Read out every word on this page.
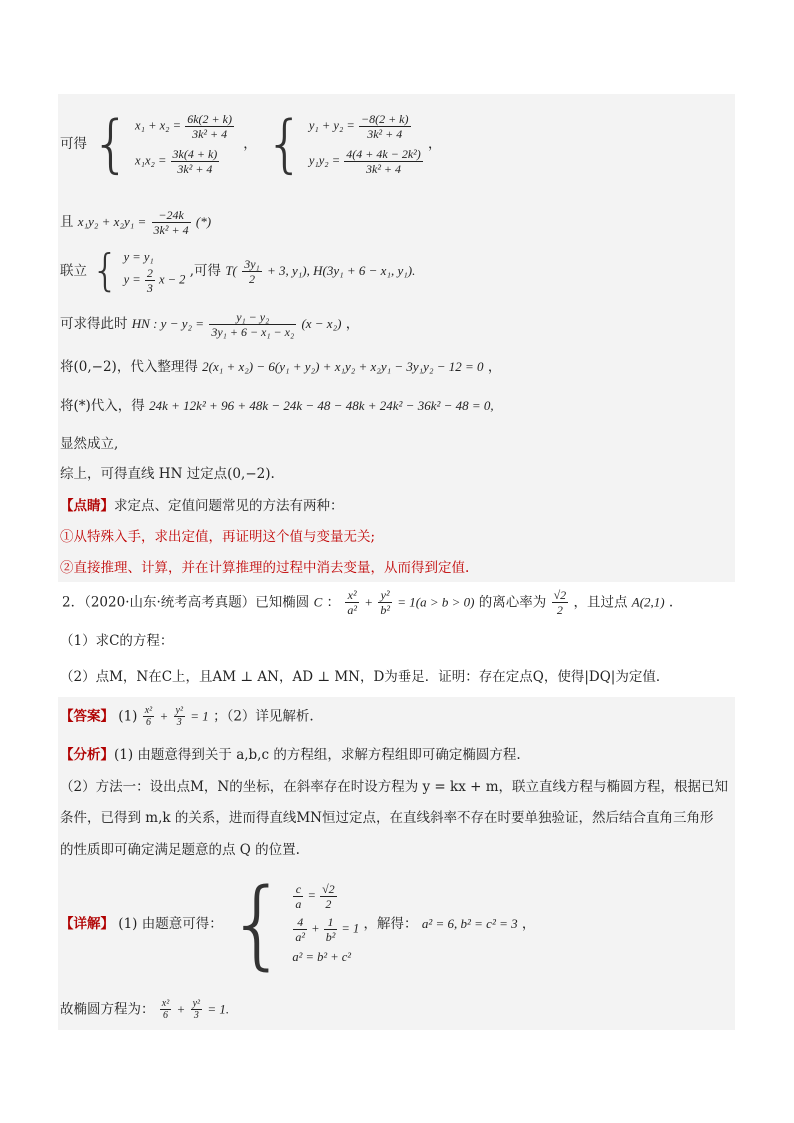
可得 { $x_1 + x_2 = \frac{6k(2 + k)}{\text{3k² + 4}}$
$x_1x_2 = \frac{3k(4 + k)}{\text{3k² + 4}}$
， { $y_1 + y_2 = \frac{-8(2 + k)}{\text{3k² + 4}}$
$y_1y_2 = \frac{\text{4(4 + 4k − 2k²)}}{\text{3k² + 4}}$
，
且 $x_1y_2 + x_2y_1 = \frac{-24k}{\text{3k² + 4}}$ (*)
联立 { y = y₁
$y = \frac{2}{3}$ x − 2 ,可得 $T( \frac{\text{3y₁}}{2} + 3$, y₁), H(3y₁ + 6 − x₁, y₁).
可求得此时 HN : $y - y_2 = \frac{\text{y₁ − y₂}}{\text{3y₁ + 6 − x₁ − x₂}} (x - x_2)$ ，
将(0,−2)，代入整理得 2(x₁ + x₂) − 6(y₁ + y₂) + x₁y₂ + x₂y₁ − 3y₁y₂ − 12 = 0 ，
将(*)代入，得 24k + 12k² + 96 + 48k − 24k − 48 − 48k + 24k² − 36k² − 48 = 0,
显然成立,
综上，可得直线 HN 过定点(0,−2).
【点睛】求定点、定值问题常见的方法有两种：
①从特殊入手，求出定值，再证明这个值与变量无关;
②直接推理、计算，并在计算推理的过程中消去变量，从而得到定值.
2．（2020·山东·统考高考真题）已知椭圆 C ： $\frac{\text{x²}}{\text{a²}} + \frac{\text{y²}}{\text{b²}} = 1(a > b > 0)$ 的离心率为 $\frac{√2}{2}$ ，且过点 A(2,1) .
（1）求C的方程：
（2）点M，N在C上，且AM ⊥ AN，AD ⊥ MN，D为垂足．证明：存在定点Q，使得|DQ|为定值．
【答案】 $(1) \frac{\text{x²}}{6} + \frac{\text{y²}}{3} = 1$ ；（2）详见解析.
【分析】(1) 由题意得到关于 a,b,c 的方程组，求解方程组即可确定椭圆方程.
（2）方法一：设出点M，N的坐标，在斜率存在时设方程为 y = kx + m，联立直线方程与椭圆方程，根据已知
条件，已得到 m,k 的关系，进而得直线MN恒过定点，在直线斜率不存在时要单独验证，然后结合直角三角形
的性质即可确定满足题意的点 Q 的位置.
【详解】 (1) 由题意可得： { $\frac{c}{a} = \frac{√2}{2}$
$\frac{4}{\text{a²}} + \frac{1}{\text{b²}} = 1$
a² = b² + c²
，解得： a² = 6, b² = c² = 3 ，
故椭圆方程为： $\frac{\text{x²}}{6} + \frac{\text{y²}}{3} = 1$.
